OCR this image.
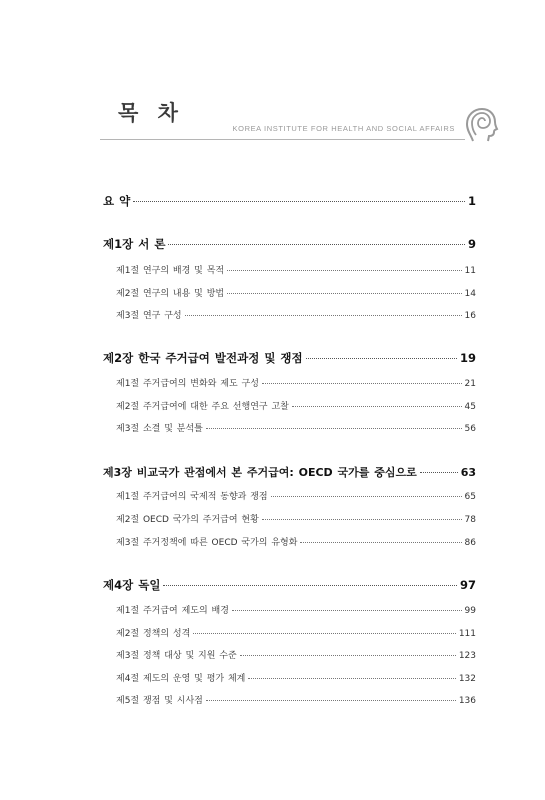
목 차
KOREA INSTITUTE FOR HEALTH AND SOCIAL AFFAIRS
요 약	1
제1장 서 론	9
제1절 연구의 배경 및 목적	11
제2절 연구의 내용 및 방법	14
제3절 연구 구성	16
제2장 한국 주거급여 발전과정 및 쟁점	19
제1절 주거급여의 변화와 제도 구성	21
제2절 주거급여에 대한 주요 선행연구 고찰	45
제3절 소결 및 분석틀	56
제3장 비교국가 관점에서 본 주거급여: OECD 국가를 중심으로	63
제1절 주거급여의 국제적 동향과 쟁점	65
제2절 OECD 국가의 주거급여 현황	78
제3절 주거정책에 따른 OECD 국가의 유형화	86
제4장 독일	97
제1절 주거급여 제도의 배경	99
제2절 정책의 성격	111
제3절 정책 대상 및 지원 수준	123
제4절 제도의 운영 및 평가 체계	132
제5절 쟁점 및 시사점	136
